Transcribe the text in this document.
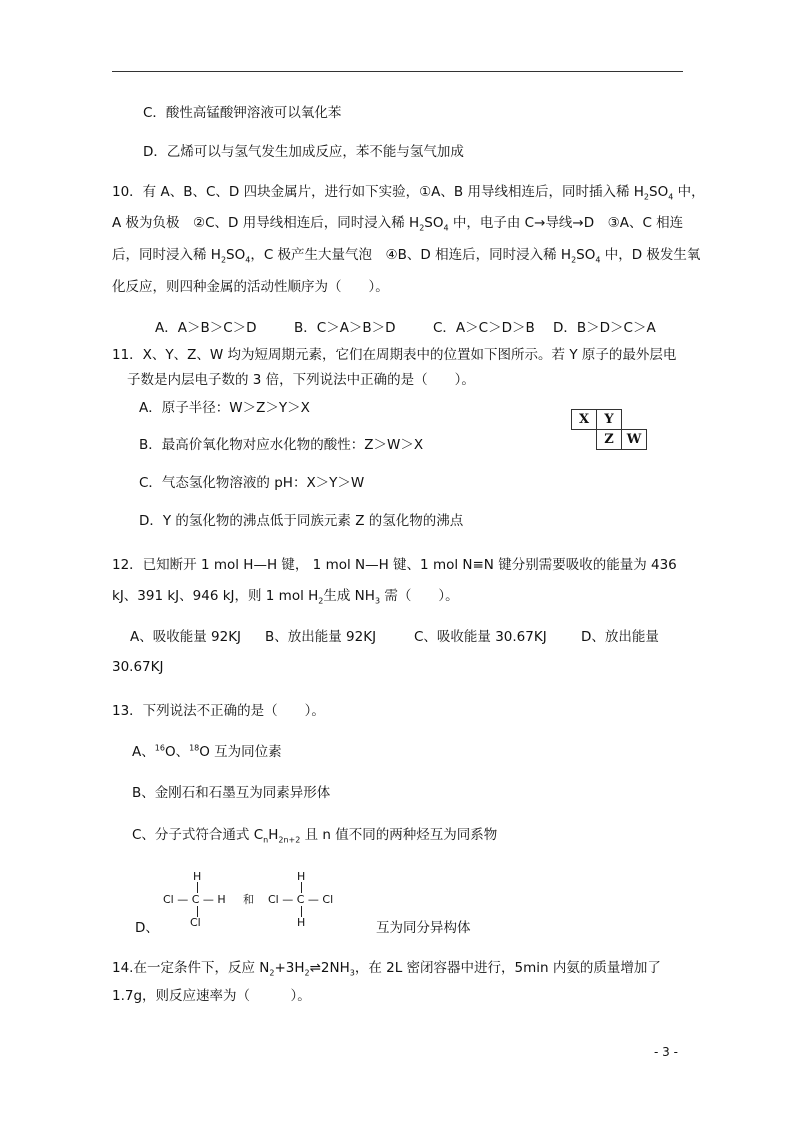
C．酸性高锰酸钾溶液可以氧化苯
D．乙烯可以与氢气发生加成反应，苯不能与氢气加成
10．有 A、B、C、D 四块金属片，进行如下实验，①A、B 用导线相连后，同时插入稀 $H_2SO_4$ 中，
A 极为负极　②C、D 用导线相连后，同时浸入稀 $H_2SO_4$ 中，电子由 C→导线→D　③A、C 相连
后，同时浸入稀 $H_2SO_4$，C 极产生大量气泡　④B、D 相连后，同时浸入稀 $H_2SO_4$ 中，D 极发生氧
化反应，则四种金属的活动性顺序为（　　）。
A．A＞B＞C＞D	B．C＞A＞B＞D	C．A＞C＞D＞B D．B＞D＞C＞A
11．X、Y、Z、W 均为短周期元素，它们在周期表中的位置如下图所示。若 Y 原子的最外层电
子数是内层电子数的 3 倍，下列说法中正确的是（　　）。
A．原子半径：W＞Z＞Y＞X
B．最高价氧化物对应水化物的酸性：Z＞W＞X
C．气态氢化物溶液的 pH：X＞Y＞W
D．Y 的氢化物的沸点低于同族元素 Z 的氢化物的沸点
X	Y	
	Z	W
12．已知断开 1 mol H—H 键， 1 mol N—H 键、1 mol N≡N 键分别需要吸收的能量为 436
kJ、391 kJ、946 kJ，则 1 mol $H_2$生成 $NH_3$ 需（　　）。
A、吸收能量 92KJ B、放出能量 92KJ	C、吸收能量 30.67KJ	D、放出能量
30.67KJ
13．下列说法不正确的是（　　）。
A、$^{16}$O、$^{18}$O 互为同位素
B、金刚石和石墨互为同素异形体
C、分子式符合通式 $C_nH_{2n+2}$ 且 n 值不同的两种烃互为同系物
H
Cl — C — H
Cl
和
H
Cl — C — Cl
H
D、	互为同分异构体
14.在一定条件下，反应 $N_2+3H_2\rightleftharpoons 2NH_3$，在 2L 密闭容器中进行，5min 内氨的质量增加了
1.7g，则反应速率为（　　　）。
- 3 -
